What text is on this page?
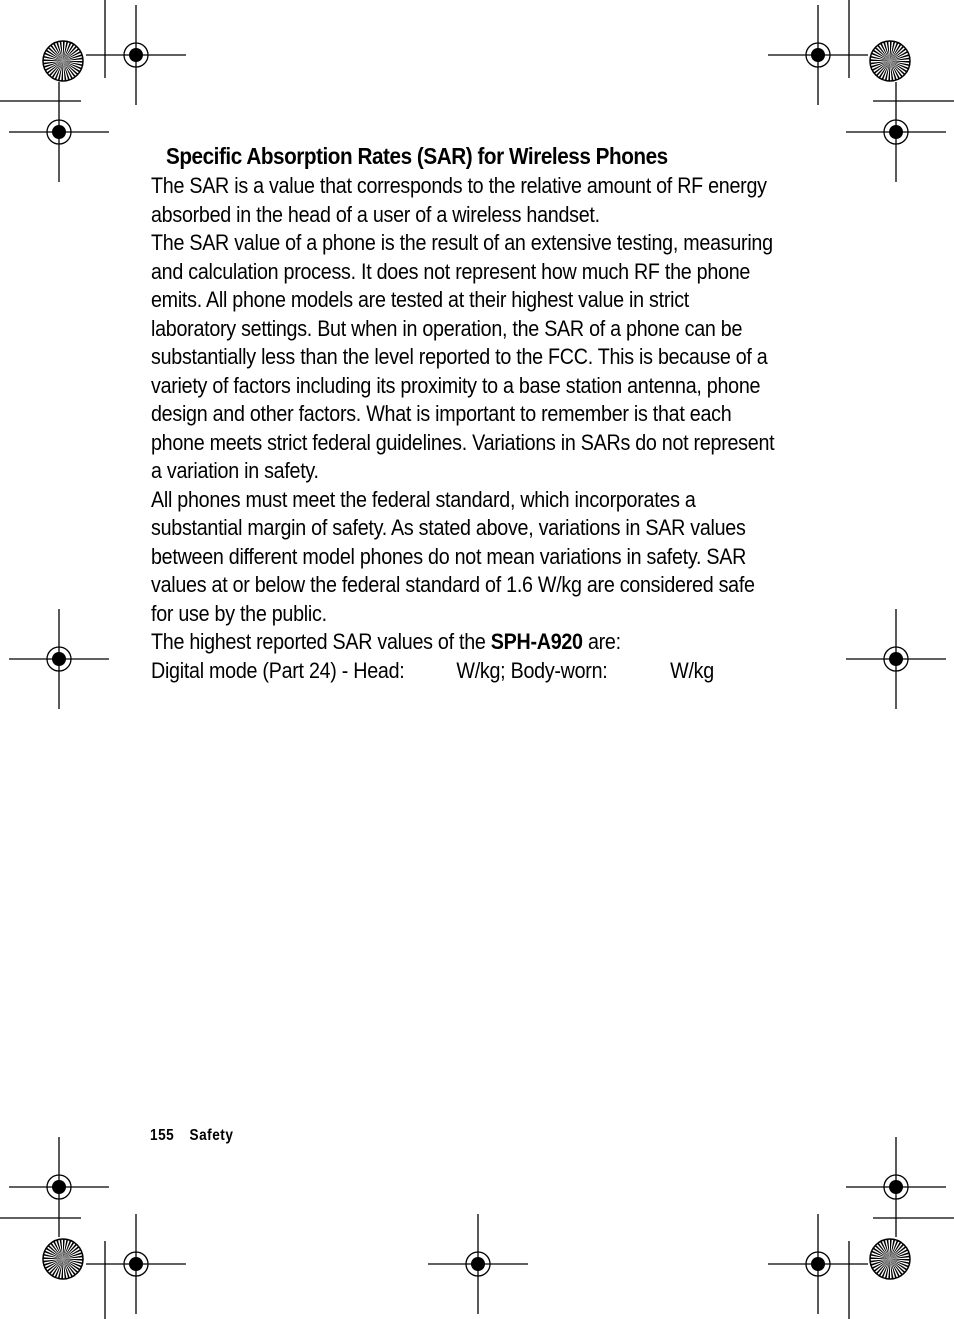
Specific Absorption Rates (SAR) for Wireless Phones

The SAR is a value that corresponds to the relative amount of RF energy absorbed in the head of a user of a wireless handset.

The SAR value of a phone is the result of an extensive testing, measuring and calculation process. It does not represent how much RF the phone emits. All phone models are tested at their highest value in strict laboratory settings. But when in operation, the SAR of a phone can be substantially less than the level reported to the FCC. This is because of a variety of factors including its proximity to a base station antenna, phone design and other factors. What is important to remember is that each phone meets strict federal guidelines. Variations in SARs do not represent a variation in safety.

All phones must meet the federal standard, which incorporates a substantial margin of safety. As stated above, variations in SAR values between different model phones do not mean variations in safety. SAR values at or below the federal standard of 1.6 W/kg are considered safe for use by the public.

The highest reported SAR values of the SPH-A920 are:

Digital mode (Part 24) - Head: W/kg; Body-worn:	W/kg

155 Safety
